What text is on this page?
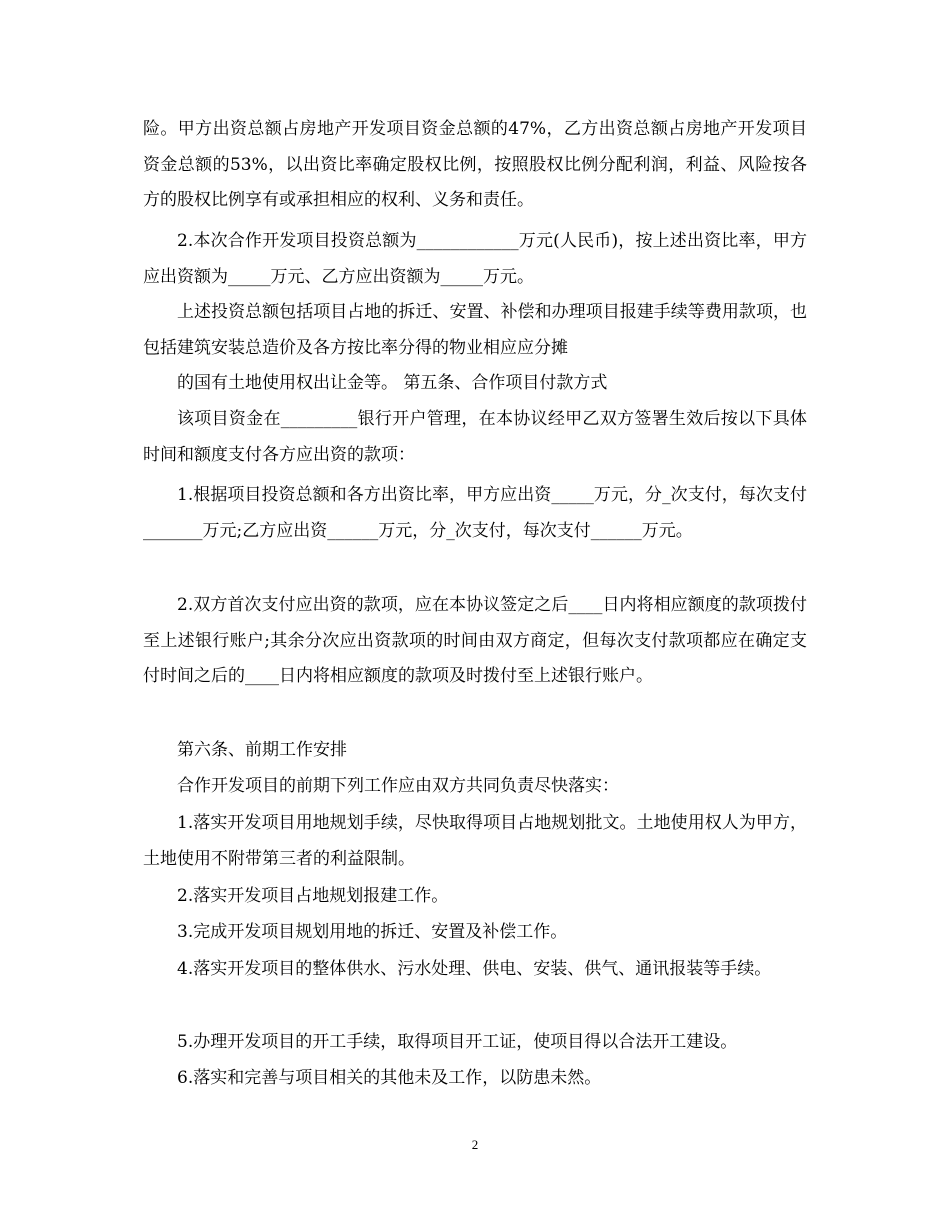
险。甲方出资总额占房地产开发项目资金总额的47%，乙方出资总额占房地产开发项目资金总额的53%，以出资比率确定股权比例，按照股权比例分配利润，利益、风险按各方的股权比例享有或承担相应的权利、义务和责任。

2.本次合作开发项目投资总额为____________万元(人民币)，按上述出资比率，甲方应出资额为_____万元、乙方应出资额为_____万元。

上述投资总额包括项目占地的拆迁、安置、补偿和办理项目报建手续等费用款项，也包括建筑安装总造价及各方按比率分得的物业相应应分摊

的国有土地使用权出让金等。 第五条、合作项目付款方式

该项目资金在_________银行开户管理，在本协议经甲乙双方签署生效后按以下具体时间和额度支付各方应出资的款项：

1.根据项目投资总额和各方出资比率，甲方应出资_____万元，分_次支付，每次支付_______万元;乙方应出资______万元，分_次支付，每次支付______万元。

2.双方首次支付应出资的款项，应在本协议签定之后____日内将相应额度的款项拨付至上述银行账户;其余分次应出资款项的时间由双方商定，但每次支付款项都应在确定支付时间之后的____日内将相应额度的款项及时拨付至上述银行账户。

第六条、前期工作安排

合作开发项目的前期下列工作应由双方共同负责尽快落实：

1.落实开发项目用地规划手续，尽快取得项目占地规划批文。土地使用权人为甲方，土地使用不附带第三者的利益限制。

2.落实开发项目占地规划报建工作。

3.完成开发项目规划用地的拆迁、安置及补偿工作。

4.落实开发项目的整体供水、污水处理、供电、安装、供气、通讯报装等手续。

5.办理开发项目的开工手续，取得项目开工证，使项目得以合法开工建设。

6.落实和完善与项目相关的其他未及工作，以防患未然。

2
